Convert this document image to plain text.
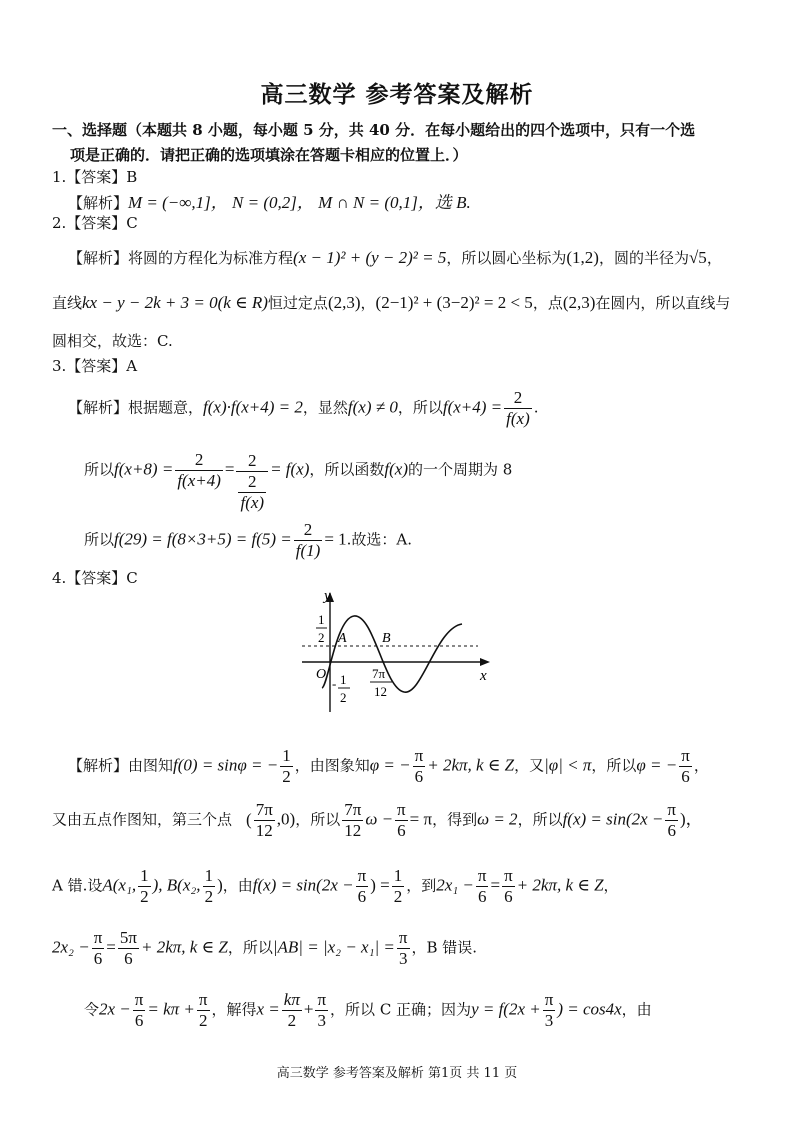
高三数学 参考答案及解析
一、选择题（本题共 8 小题，每小题 5 分，共 40 分．在每小题给出的四个选项中，只有一个选
项是正确的．请把正确的选项填涂在答题卡相应的位置上．）
1.【答案】B
【解析】M = (−∞,1]， N = (0,2]， M ∩ N = (0,1]，选 B.
2.【答案】C
【解析】将圆的方程化为标准方程(x − 1)² + (y − 2)² = 5，所以圆心坐标为(1,2)，圆的半径为√5，
直线kx − y − 2k + 3 = 0(k ∈ R)恒过定点(2,3)，(2−1)² + (3−2)² = 2 < 5，点(2,3)在圆内，所以直线与
圆相交，故选：C.
3.【答案】A
【解析】根据题意，f(x)·f(x+4) = 2，显然f(x) ≠ 0，所以$f(x+4) = \frac{2}{f(x)}$ .
所以$f(x+8) = \frac{2}{f(x+4)} = \frac{2}{\frac{2}{f(x)}} = f(x)$，所以函数f(x)的一个周期为 8
所以$f(29) = f(8\times 3+5) = f(5) = \frac{2}{f(1)} = 1$.故选：A.
4.【答案】C
y
x
O
A	B
1
2
- 1
2
7π
12
【解析】由图知f(0) = sinφ = − $\frac{1}{2}$ ，由图象知φ = − $\frac{\pi}{6} + 2k\pi$, k ∈ Z，又|φ| < π，所以φ = − $\frac{\pi}{6}$ ，
又由五点作图知，第三个点 ( $\frac{7\pi}{12} ,0$)，所以 $\frac{7\pi}{12}$ $\omega - \frac{\pi}{6} = \pi$，得到ω = 2，所以$f(x) = \sin(2x - \frac{\pi}{6}$ )，
A 错.设A(x₁, $\frac{1}{2}$ ), B(x₂, $\frac{1}{2}$ )，由$f(x) = \sin(2x - \frac{\pi}{6}$ ) = $\frac{1}{2}$ ，到$2x_1 - \frac{\pi}{6} = \frac{\pi}{6} + 2k\pi$, k ∈ Z，
$2x_2 - \frac{\pi}{6} = \frac{5\pi}{6} + 2k\pi$, k ∈ Z，所以$|AB| = |x_2 - x_1| = \frac{\pi}{3}$ ，B 错误.
令$2x - \frac{\pi}{6} = k\pi + \frac{\pi}{2}$ ，解得$x = \frac{k\pi}{2} + \frac{\pi}{3}$ ，所以 C 正确；因为$y = f(2x + \frac{\pi}{3}$ ) = cos4x，由
高三数学 参考答案及解析 第1页 共 11 页
